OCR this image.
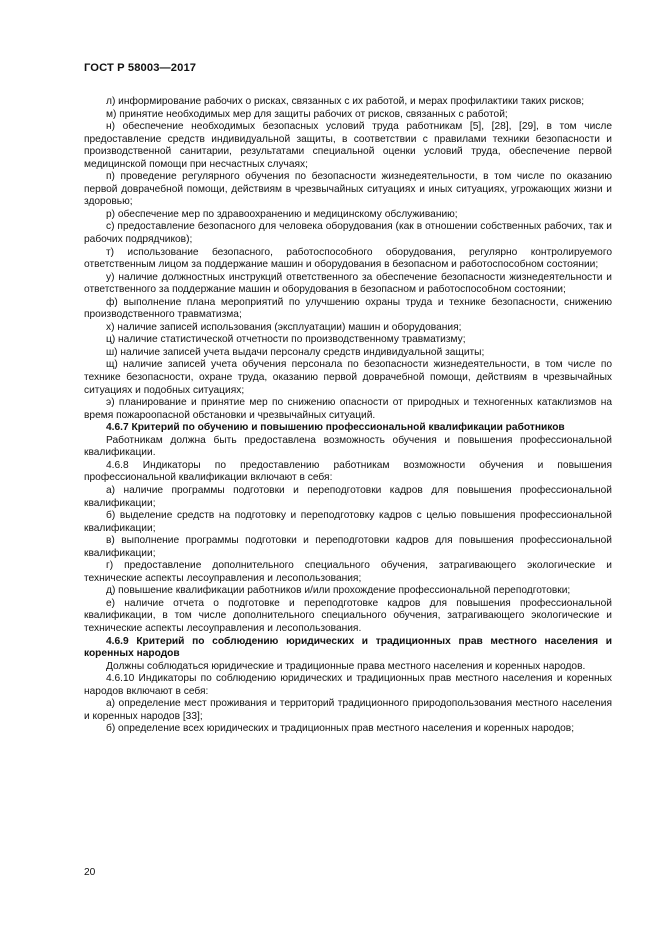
ГОСТ Р 58003—2017

л) информирование рабочих о рисках, связанных с их работой, и мерах профилактики таких рисков;

м) принятие необходимых мер для защиты рабочих от рисков, связанных с работой;

н) обеспечение необходимых безопасных условий труда работникам [5], [28], [29], в том числе предоставление средств индивидуальной защиты, в соответствии с правилами техники безопасности и производственной санитарии, результатами специальной оценки условий труда, обеспечение первой медицинской помощи при несчастных случаях;

п) проведение регулярного обучения по безопасности жизнедеятельности, в том числе по оказанию первой доврачебной помощи, действиям в чрезвычайных ситуациях и иных ситуациях, угрожающих жизни и здоровью;

р) обеспечение мер по здравоохранению и медицинскому обслуживанию;

с) предоставление безопасного для человека оборудования (как в отношении собственных рабочих, так и рабочих подрядчиков);

т) использование безопасного, работоспособного оборудования, регулярно контролируемого ответственным лицом за поддержание машин и оборудования в безопасном и работоспособном состоянии;

у) наличие должностных инструкций ответственного за обеспечение безопасности жизнедеятельности и ответственного за поддержание машин и оборудования в безопасном и работоспособном состоянии;

ф) выполнение плана мероприятий по улучшению охраны труда и технике безопасности, снижению производственного травматизма;

х) наличие записей использования (эксплуатации) машин и оборудования;

ц) наличие статистической отчетности по производственному травматизму;

ш) наличие записей учета выдачи персоналу средств индивидуальной защиты;

щ) наличие записей учета обучения персонала по безопасности жизнедеятельности, в том числе по технике безопасности, охране труда, оказанию первой доврачебной помощи, действиям в чрезвычайных ситуациях и подобных ситуациях;

э) планирование и принятие мер по снижению опасности от природных и техногенных катаклизмов на время пожароопасной обстановки и чрезвычайных ситуаций.

4.6.7 Критерий по обучению и повышению профессиональной квалификации работников

Работникам должна быть предоставлена возможность обучения и повышения профессиональной квалификации.

4.6.8 Индикаторы по предоставлению работникам возможности обучения и повышения профессиональной квалификации включают в себя:

а) наличие программы подготовки и переподготовки кадров для повышения профессиональной квалификации;

б) выделение средств на подготовку и переподготовку кадров с целью повышения профессиональной квалификации;

в) выполнение программы подготовки и переподготовки кадров для повышения профессиональной квалификации;

г) предоставление дополнительного специального обучения, затрагивающего экологические и технические аспекты лесоуправления и лесопользования;

д) повышение квалификации работников и/или прохождение профессиональной переподготовки;

е) наличие отчета о подготовке и переподготовке кадров для повышения профессиональной квалификации, в том числе дополнительного специального обучения, затрагивающего экологические и технические аспекты лесоуправления и лесопользования.

4.6.9 Критерий по соблюдению юридических и традиционных прав местного населения и коренных народов

Должны соблюдаться юридические и традиционные права местного населения и коренных народов.

4.6.10 Индикаторы по соблюдению юридических и традиционных прав местного населения и коренных народов включают в себя:

а) определение мест проживания и территорий традиционного природопользования местного населения и коренных народов [33];

б) определение всех юридических и традиционных прав местного населения и коренных народов;

20
